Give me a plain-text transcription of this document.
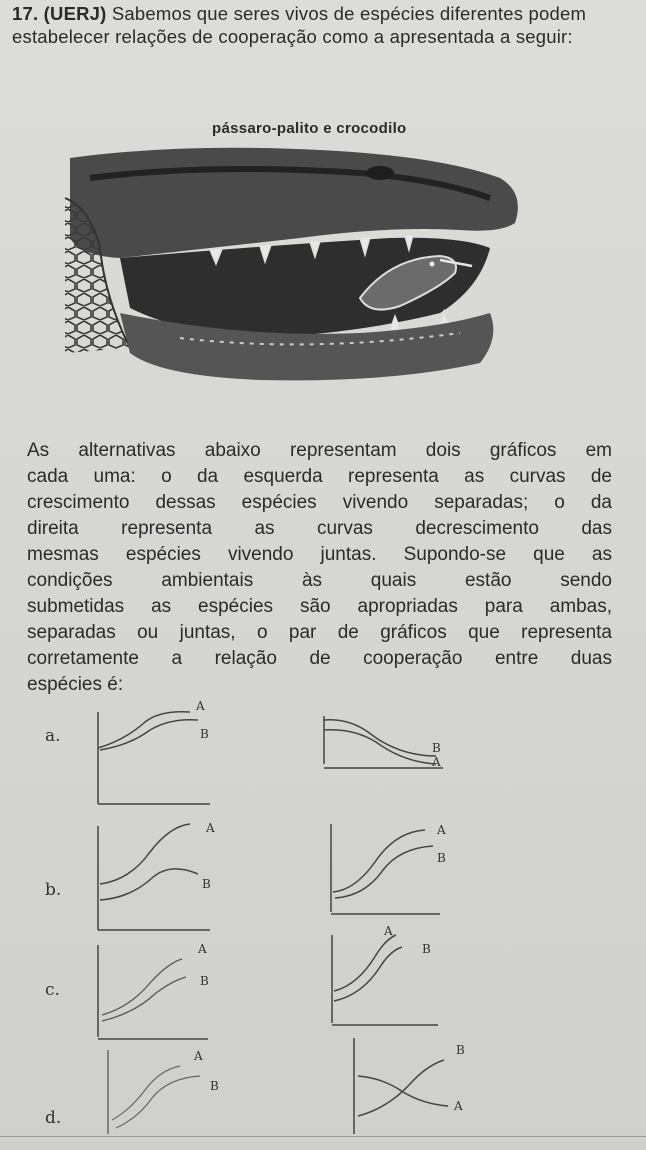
17. (UERJ) Sabemos que seres vivos de espécies diferentes podem estabelecer relações de cooperação como a apresentada a seguir:
pássaro-palito e crocodilo
As alternativas abaixo representam dois gráficos em
cada uma: o da esquerda representa as curvas de
crescimento dessas espécies vivendo separadas; o da
direita representa as curvas decrescimento das
mesmas espécies vivendo juntas. Supondo-se que as
condições ambientais às quais estão sendo
submetidas as espécies são apropriadas para ambas,
separadas ou juntas, o par de gráficos que representa
corretamente a relação de cooperação entre duas
espécies é:
a.
A
B
B
A
b.
A
B
A
B
c.
A
B
A
B
d.
A
B
B
A
